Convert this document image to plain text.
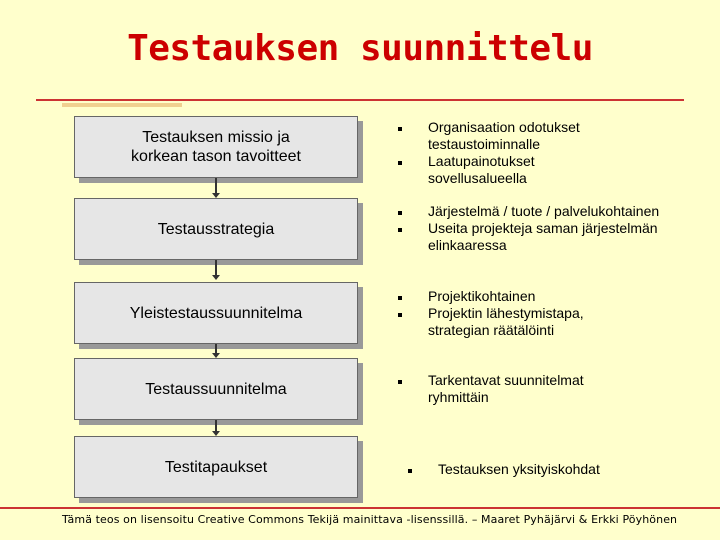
Testauksen suunnittelu
Testauksen missio ja korkean tason tavoitteet
Testausstrategia
Yleistestaussuunnitelma
Testaussuunnitelma
Testitapaukset
Organisaation odotukset testaustoiminnalle
Laatupainotukset sovellusalueella
Järjestelmä / tuote / palvelukohtainen
Useita projekteja saman järjestelmän elinkaaressa
Projektikohtainen
Projektin lähestymistapa, strategian räätälöinti
Tarkentavat suunnitelmat ryhmittäin
Testauksen yksityiskohdat
Tämä teos on lisensoitu Creative Commons Tekijä mainittava -lisenssillä. – Maaret Pyhäjärvi & Erkki Pöyhönen
